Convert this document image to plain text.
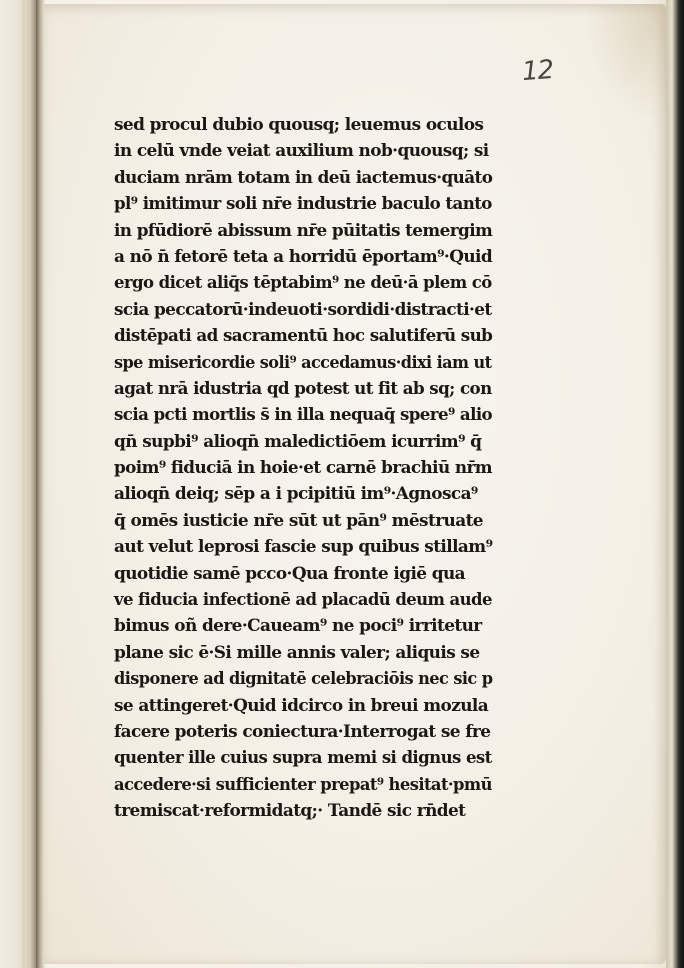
12
sed procul dubio quousq; leuemus oculos
in celū vnde veiat auxilium nob·quousq; si
duciam nrām totam in deū iactemus·quāto
pl⁹ imitimur soli nr̄e industrie baculo tanto
in pfūdiorē abissum nr̄e pūitatis temergim
a nō n̄ fetorē teta a horridū ēportam⁹·Quid
ergo dicet aliq̄s tēptabim⁹ ne deū·ā plem cō
scia peccatorū·indeuoti·sordidi·distracti·et
distēpati ad sacramentū hoc salutiferū sub
spe misericordie soli⁹ accedamus·dixi iam ut
agat nrā idustria qd potest ut fit ab sq; con
scia pcti mortlis s̄ in illa nequaq̄ spere⁹ alio
qn̄ supbi⁹ alioqn̄ maledictiōem icurrim⁹ q̄
poim⁹ fiduciā in hoie·et carnē brachiū nr̄m
alioqn̄ deiq; sēp a i pcipitiū im⁹·Agnosca⁹
q̄ omēs iusticie nr̄e sūt ut pān⁹ mēstruate
aut velut leprosi fascie sup quibus stillam⁹
quotidie samē pcco·Qua fronte igiē qua
ve fiducia infectionē ad placadū deum aude
bimus oñ dere·Caueam⁹ ne poci⁹ irritetur
plane sic ē·Si mille annis valer; aliquis se
disponere ad dignitatē celebraciōis nec sic p
se attingeret·Quid idcirco in breui mozula
facere poteris coniectura·Interrogat se fre
quenter ille cuius supra memi si dignus est
accedere·si sufficienter prepat⁹ hesitat·pmū
tremiscat·reformidatq;· Tandē sic rn̄det
